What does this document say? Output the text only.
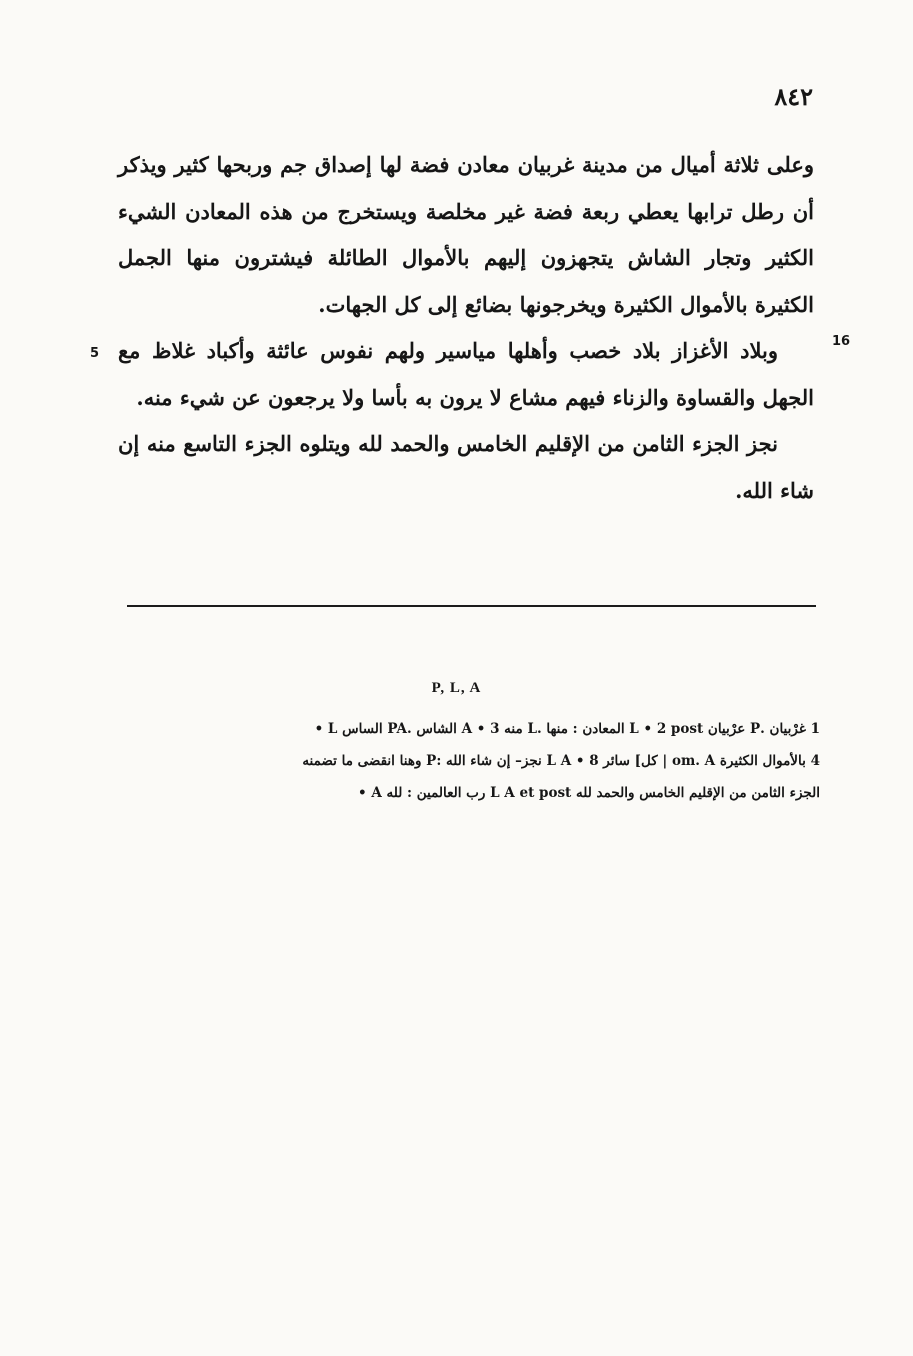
٨٤٢
16
5

وعلى ثلاثة أميال من مدينة غربيان معادن فضة لها إصداق جم وربحها كثير ويذكر أن رطل ترابها يعطي ربعة فضة غير مخلصة ويستخرج من هذه المعادن الشيء الكثير وتجار الشاش يتجهزون إليهم بالأموال الطائلة فيشترون منها الجمل الكثيرة بالأموال الكثيرة ويخرجونها بضائع إلى كل الجهات.

وبلاد الأغزاز بلاد خصب وأهلها مياسير ولهم نفوس عائثة وأكباد غلاظ مع الجهل والقساوة والزناء فيهم مشاع لا يرون به بأسا ولا يرجعون عن شيء منه.

نجز الجزء الثامن من الإقليم الخامس والحمد لله ويتلوه الجزء التاسع منه إن شاء الله.

P, L, A
1 غرْبيان .P عرْبيان L • 2 post المعادن : منها .L منه A • 3 الشاس .PA الساس L •
4 بالأموال الكثيرة om. A | كل] سائر L A • 8 نجز– إن شاء الله :P وهنا انقضى ما تضمنه
الجزء الثامن من الإقليم الخامس والحمد لله L A et post رب العالمين : لله A •
